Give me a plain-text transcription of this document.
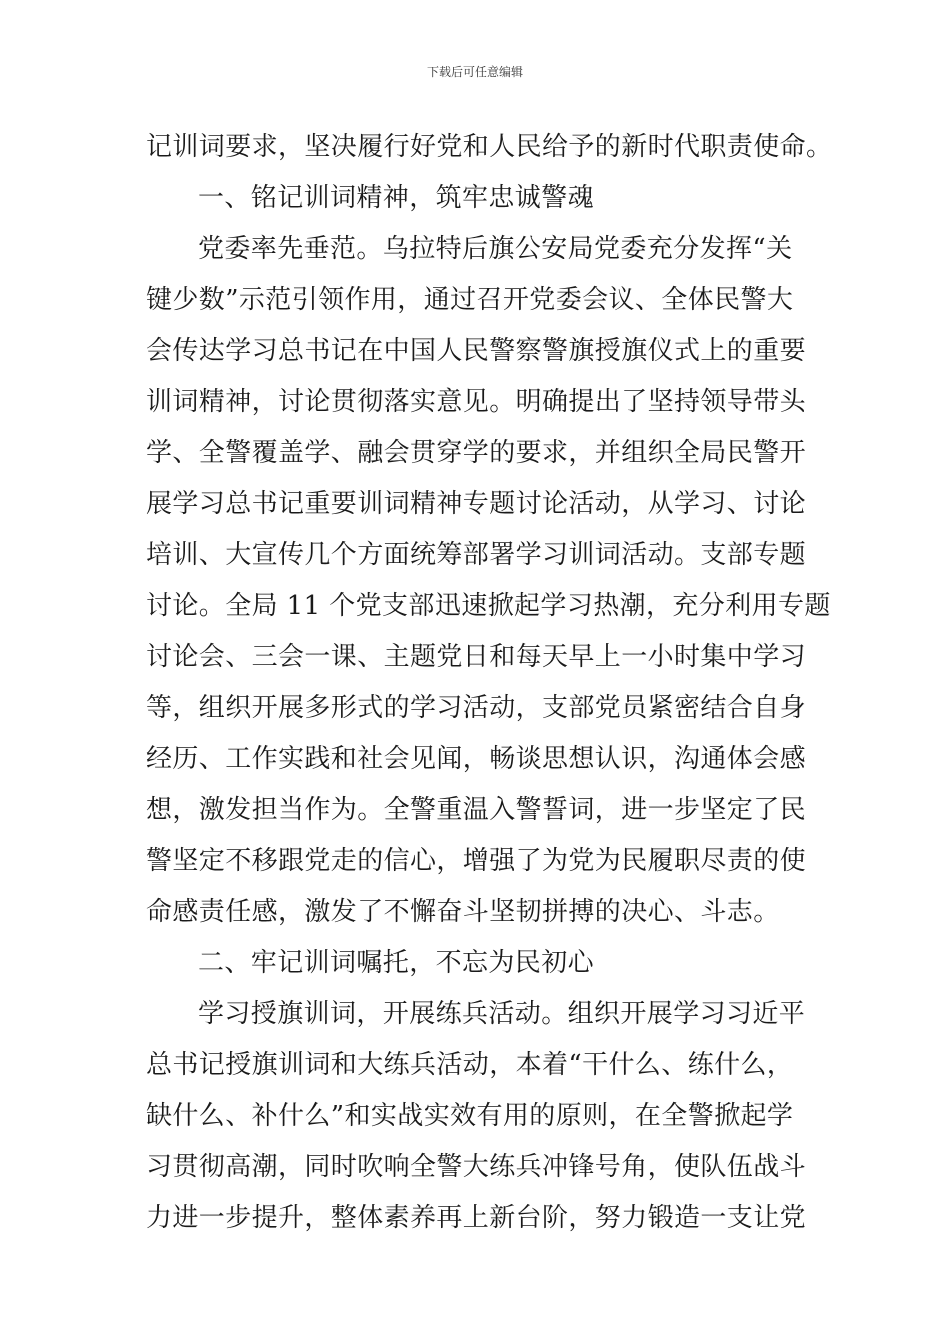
下载后可任意编辑
记训词要求，坚决履行好党和人民给予的新时代职责使命。
一、铭记训词精神，筑牢忠诚警魂
党委率先垂范。乌拉特后旗公安局党委充分发挥“关
键少数”示范引领作用，通过召开党委会议、全体民警大
会传达学习总书记在中国人民警察警旗授旗仪式上的重要
训词精神，讨论贯彻落实意见。明确提出了坚持领导带头
学、全警覆盖学、融会贯穿学的要求，并组织全局民警开
展学习总书记重要训词精神专题讨论活动，从学习、讨论
培训、大宣传几个方面统筹部署学习训词活动。支部专题
讨论。全局 11 个党支部迅速掀起学习热潮，充分利用专题
讨论会、三会一课、主题党日和每天早上一小时集中学习
等，组织开展多形式的学习活动，支部党员紧密结合自身
经历、工作实践和社会见闻，畅谈思想认识，沟通体会感
想，激发担当作为。全警重温入警誓词，进一步坚定了民
警坚定不移跟党走的信心，增强了为党为民履职尽责的使
命感责任感，激发了不懈奋斗坚韧拼搏的决心、斗志。
二、牢记训词嘱托，不忘为民初心
学习授旗训词，开展练兵活动。组织开展学习习近平
总书记授旗训词和大练兵活动，本着“干什么、练什么，
缺什么、补什么”和实战实效有用的原则，在全警掀起学
习贯彻高潮，同时吹响全警大练兵冲锋号角，使队伍战斗
力进一步提升，整体素养再上新台阶，努力锻造一支让党
